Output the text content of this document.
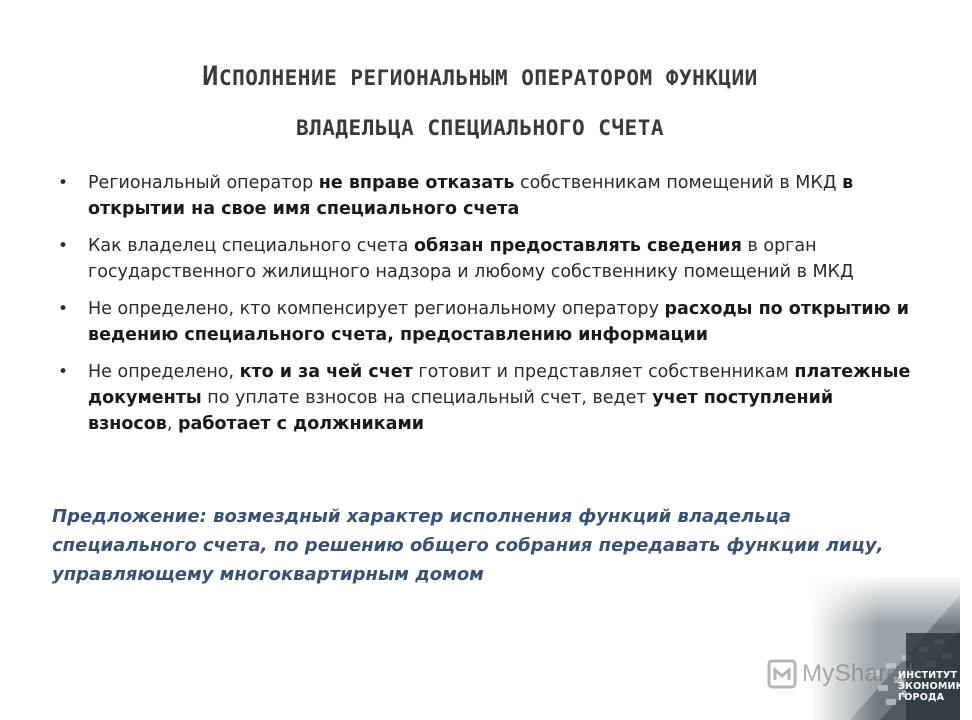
ИСПОЛНЕНИЕ РЕГИОНАЛЬНЫМ ОПЕРАТОРОМ ФУНКЦИИ
ВЛАДЕЛЬЦА СПЕЦИАЛЬНОГО СЧЕТА
• Региональный оператор не вправе отказать собственникам помещений в МКД в открытии на свое имя специального счета
• Как владелец специального счета обязан предоставлять сведения в орган государственного жилищного надзора и любому собственнику помещений в МКД
• Не определено, кто компенсирует региональному оператору расходы по открытию и ведению специального счета, предоставлению информации
• Не определено, кто и за чей счет готовит и представляет собственникам платежные документы по уплате взносов на специальный счет, ведет учет поступлений взносов, работает с должниками
Предложение: возмездный характер исполнения функций владельца специального счета, по решению общего собрания передавать функции лицу, управляющему многоквартирным домом
MyShared
ИНСТИТУТ
ЭКОНОМИКИ
ГОРОДА
